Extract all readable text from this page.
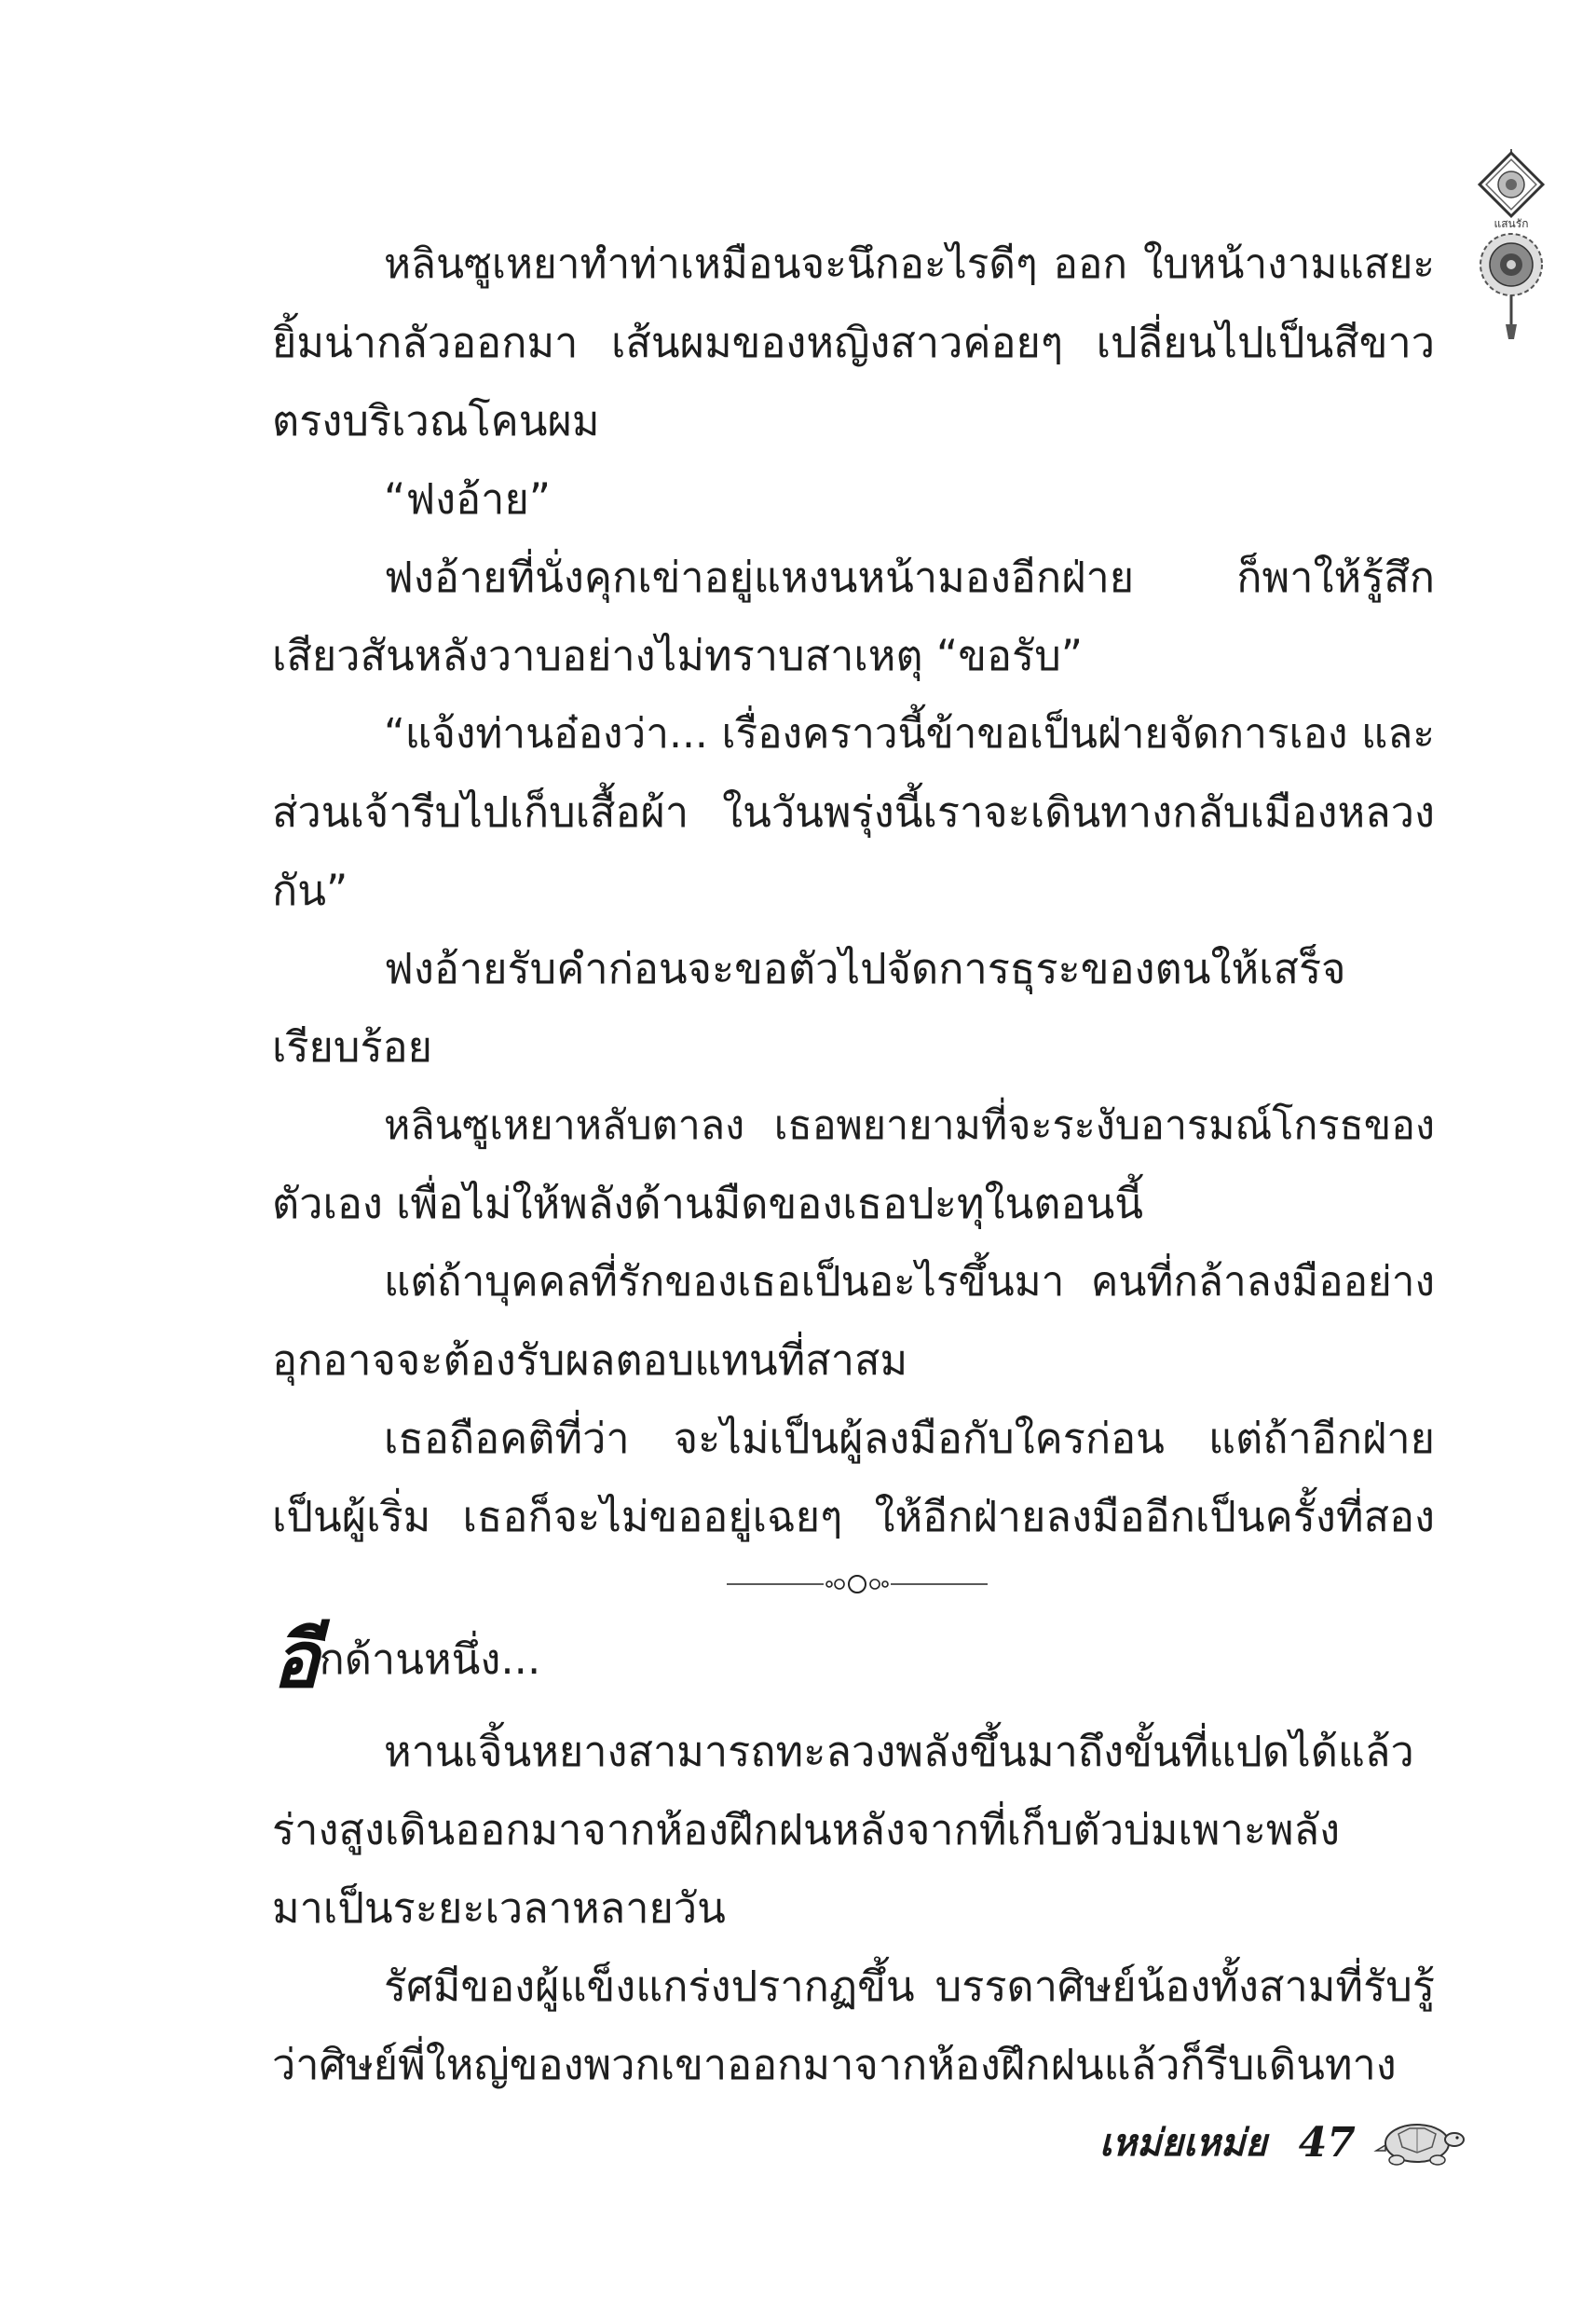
แสนรัก
หลินซูเหยาทำท่าเหมือนจะนึกอะไรดีๆ ออก ใบหน้างามแสยะ
ยิ้มน่ากลัวออกมา เส้นผมของหญิงสาวค่อยๆ เปลี่ยนไปเป็นสีขาว
ตรงบริเวณโคนผม
“ฟงอ้าย”
ฟงอ้ายที่นั่งคุกเข่าอยู่แหงนหน้ามองอีกฝ่าย ก็พาให้รู้สึก
เสียวสันหลังวาบอย่างไม่ทราบสาเหตุ “ขอรับ”
“แจ้งท่านอ๋องว่า... เรื่องคราวนี้ข้าขอเป็นฝ่ายจัดการเอง และ
ส่วนเจ้ารีบไปเก็บเสื้อผ้า ในวันพรุ่งนี้เราจะเดินทางกลับเมืองหลวง
กัน”
ฟงอ้ายรับคำก่อนจะขอตัวไปจัดการธุระของตนให้เสร็จ
เรียบร้อย
หลินซูเหยาหลับตาลง เธอพยายามที่จะระงับอารมณ์โกรธของ
ตัวเอง เพื่อไม่ให้พลังด้านมืดของเธอปะทุในตอนนี้
แต่ถ้าบุคคลที่รักของเธอเป็นอะไรขึ้นมา คนที่กล้าลงมืออย่าง
อุกอาจจะต้องรับผลตอบแทนที่สาสม
เธอถือคติที่ว่า จะไม่เป็นผู้ลงมือกับใครก่อน แต่ถ้าอีกฝ่าย
เป็นผู้เริ่ม เธอก็จะไม่ขออยู่เฉยๆ ให้อีกฝ่ายลงมืออีกเป็นครั้งที่สอง
อีกด้านหนึ่ง...
หานเจิ้นหยางสามารถทะลวงพลังขึ้นมาถึงขั้นที่แปดได้แล้ว
ร่างสูงเดินออกมาจากห้องฝึกฝนหลังจากที่เก็บตัวบ่มเพาะพลัง
มาเป็นระยะเวลาหลายวัน
รัศมีของผู้แข็งแกร่งปรากฏขึ้น บรรดาศิษย์น้องทั้งสามที่รับรู้
ว่าศิษย์พี่ใหญ่ของพวกเขาออกมาจากห้องฝึกฝนแล้วก็รีบเดินทาง
เหม่ยเหม่ย 47
